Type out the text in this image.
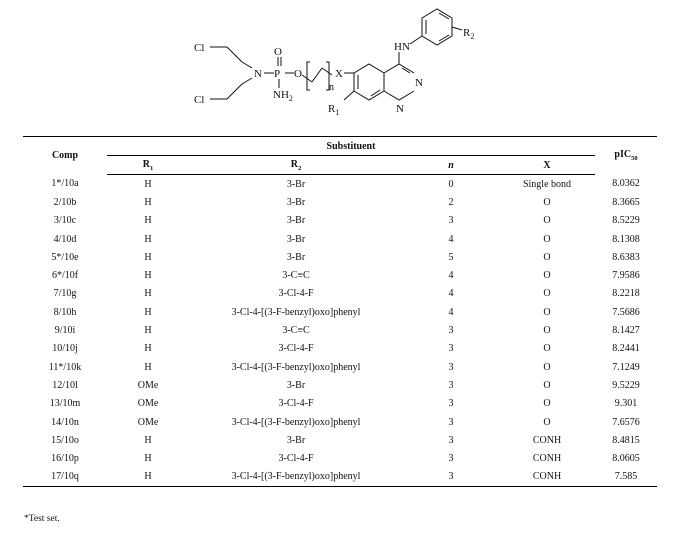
Cl
Cl
N P
O
O
$NH_2$
n
X
HN
$R_2$
$R_1$
N
N
Comp	Substituent				pIC$_{50}$
	$R_1$	$R_2$	n	X	
1*/10a	H	3-Br	0	Single bond	8.0362
2/10b	H	3-Br	2	O	8.3665
3/10c	H	3-Br	3	O	8.5229
4/10d	H	3-Br	4	O	8.1308
5*/10e	H	3-Br	5	O	8.6383
6*/10f	H	3-C≡C	4	O	7.9586
7/10g	H	3-Cl-4-F	4	O	8.2218
8/10h	H	3-Cl-4-[(3-F-benzyl)oxo]phenyl	4	O	7.5686
9/10i	H	3-C≡C	3	O	8.1427
10/10j	H	3-Cl-4-F	3	O	8.2441
11*/10k	H	3-Cl-4-[(3-F-benzyl)oxo]phenyl	3	O	7.1249
12/10l	OMe	3-Br	3	O	9.5229
13/10m	OMe	3-Cl-4-F	3	O	9.301
14/10n	OMe	3-Cl-4-[(3-F-benzyl)oxo]phenyl	3	O	7.6576
15/10o	H	3-Br	3	CONH	8.4815
16/10p	H	3-Cl-4-F	3	CONH	8.0605
17/10q	H	3-Cl-4-[(3-F-benzyl)oxo]phenyl	3	CONH	7.585
*Test set.
